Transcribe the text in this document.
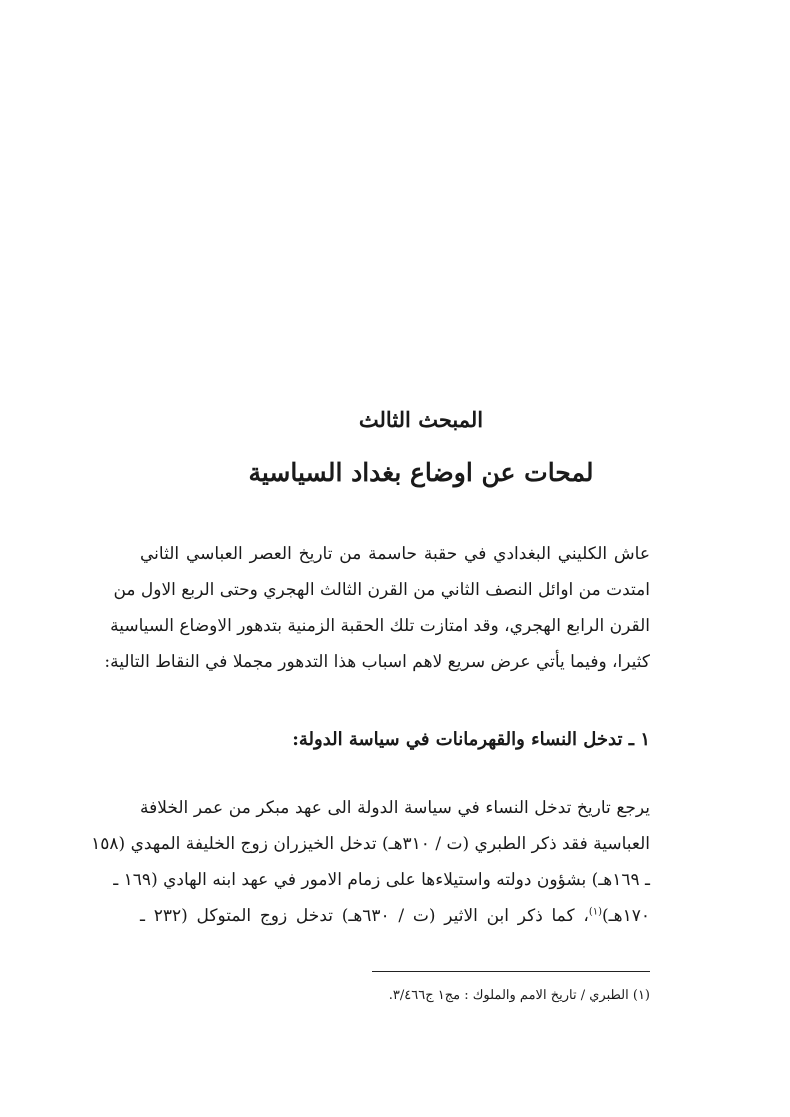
المبحث الثالث
لمحات عن اوضاع بغداد السياسية
عاش الكليني البغدادي في حقبة حاسمة من تاريخ العصر العباسي الثاني
امتدت من اوائل النصف الثاني من القرن الثالث الهجري وحتى الربع الاول من
القرن الرابع الهجري، وقد امتازت تلك الحقبة الزمنية بتدهور الاوضاع السياسية
كثيرا، وفيما يأتي عرض سريع لاهم اسباب هذا التدهور مجملا في النقاط التالية:
١ ـ تدخل النساء والقهرمانات في سياسة الدولة:
يرجع تاريخ تدخل النساء في سياسة الدولة الى عهد مبكر من عمر الخلافة
العباسية فقد ذكر الطبري (ت / ٣١٠هـ) تدخل الخيزران زوج الخليفة المهدي (١٥٨
ـ ١٦٩هـ) بشؤون دولته واستيلاءها على زمام الامور في عهد ابنه الهادي (١٦٩ ـ
١٧٠هـ)$^{(١)}$، كما ذكر ابن الاثير (ت / ٦٣٠هـ) تدخل زوج المتوكل (٢٣٢ ـ
(١) الطبري / تاريخ الامم والملوك : مج١ ج٣/٤٦٦.
